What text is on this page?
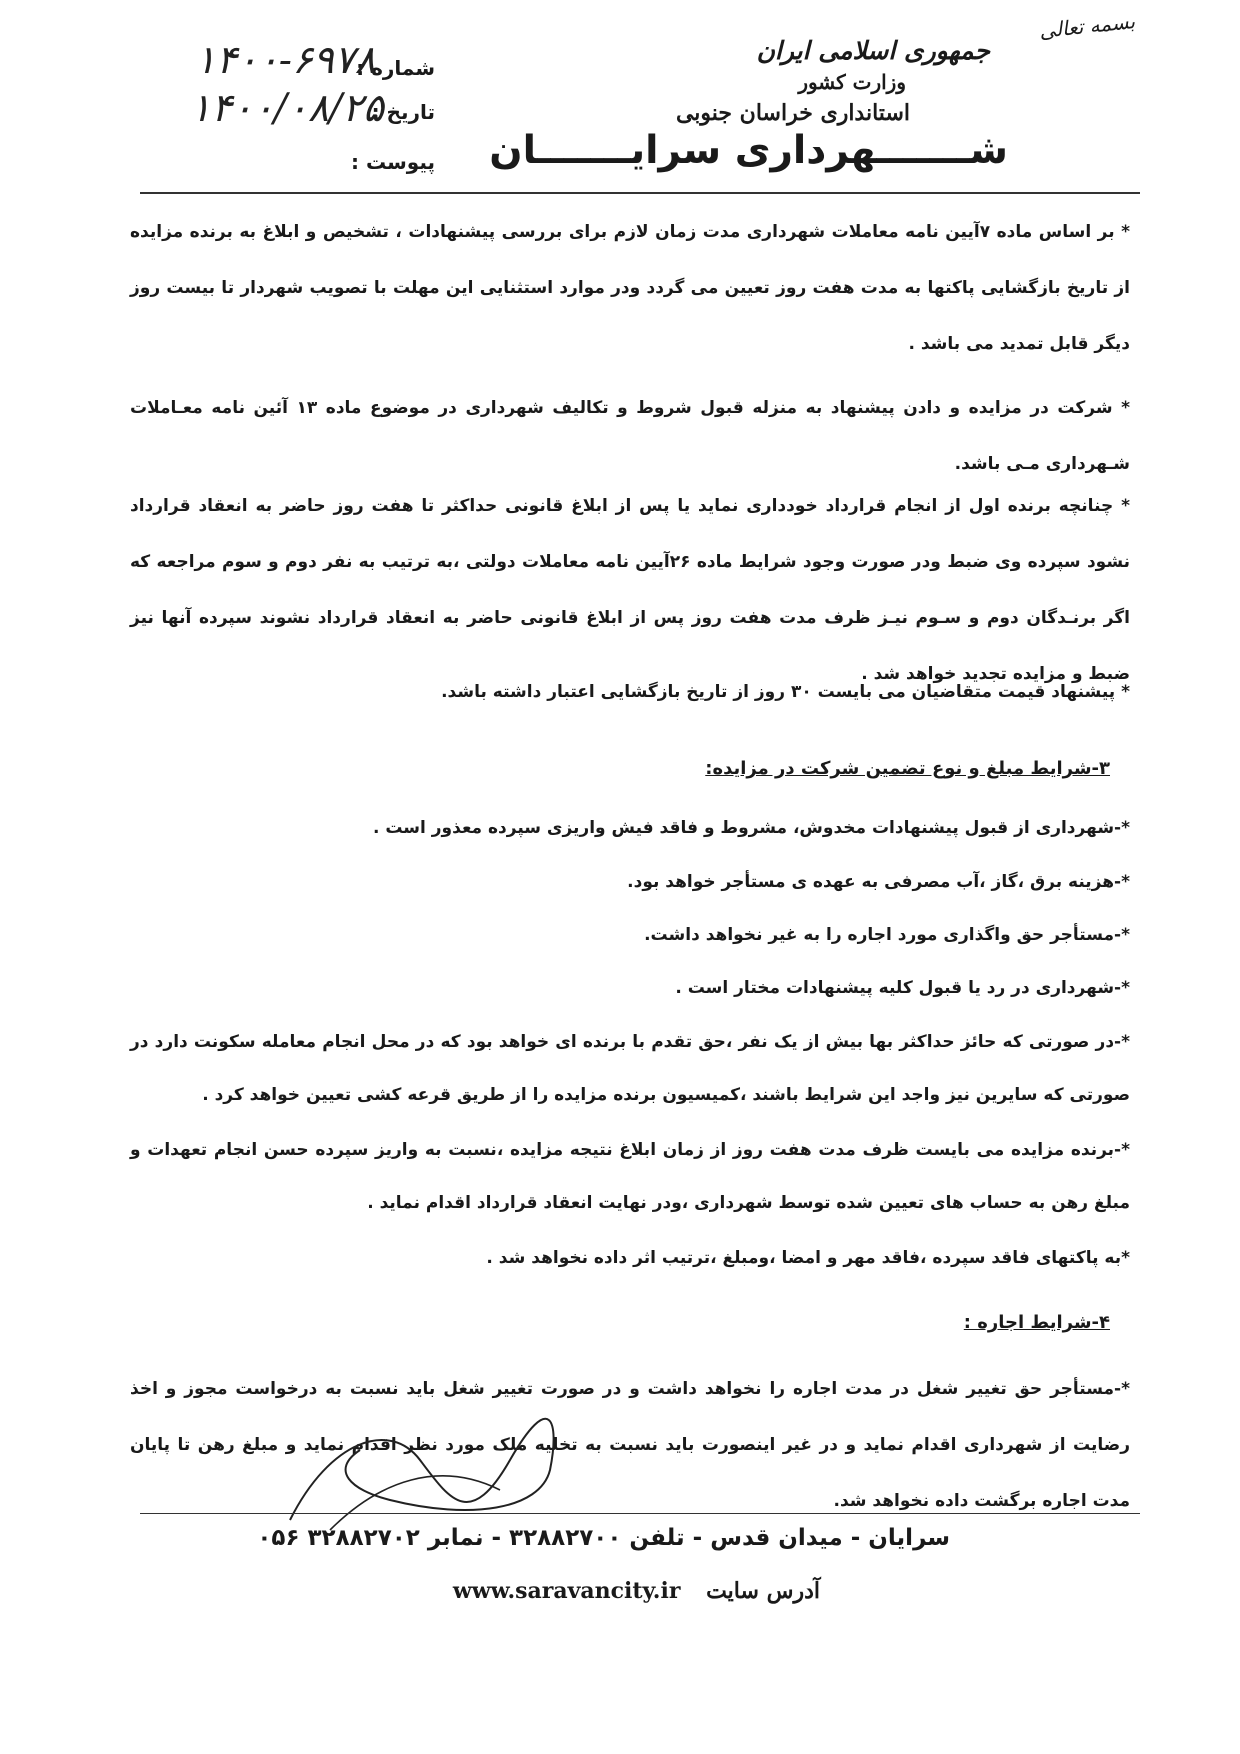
بسمه تعالی
جمهوری اسلامی ایران
وزارت کشور
استانداری خراسان جنوبی
شـــــــهرداری سرایـــــــان
شماره :
۱۴۰۰-۶۹۷۸
تاریخ :
۱۴۰۰/۰۸/۲۵
پیوست :
* بر اساس ماده ۷آیین نامه معاملات شهرداری مدت زمان لازم برای بررسی پیشنهادات ، تشخیص و ابلاغ به برنده مزایده از تاریخ بازگشایی پاکتها به مدت هفت روز تعیین می گردد ودر موارد استثنایی این مهلت با تصویب شهردار تا بیست روز دیگر قابل تمدید می باشد .
* شرکت در مزایده و دادن پیشنهاد به منزله قبول شروط و تکالیف شهرداری در موضوع ماده ۱۳ آئین نامه معـاملات شـهرداری مـی باشد.
* چنانچه برنده اول از انجام قرارداد خودداری نماید یا پس از ابلاغ قانونی حداکثر تا هفت روز حاضر به انعقاد قرارداد نشود سپرده وی ضبط ودر صورت وجود شرایط ماده ۲۶آیین نامه معاملات دولتی ،به ترتیب به نفر دوم و سوم مراجعه که اگر برنـدگان دوم و سـوم نیـز ظرف مدت هفت روز پس از ابلاغ قانونی حاضر به انعقاد قرارداد نشوند سپرده آنها نیز ضبط و مزایده تجدید خواهد شد .
* پیشنهاد قیمت متقاضیان می بایست ۳۰ روز از تاریخ بازگشایی اعتبار داشته باشد.
۳-شرایط مبلغ و نوع تضمین شرکت در مزایده:
*-شهرداری از قبول پیشنهادات مخدوش، مشروط و فاقد فیش واریزی سپرده معذور است .
*-هزینه برق ،گاز ،آب مصرفی به عهده ی مستأجر خواهد بود.
*-مستأجر حق واگذاری مورد اجاره را به غیر نخواهد داشت.
*-شهرداری در رد یا قبول کلیه پیشنهادات مختار است .
*-در صورتی که حائز حداکثر بها بیش از یک نفر ،حق تقدم با برنده ای خواهد بود که در محل انجام معامله سکونت دارد در صورتی که سایرین نیز واجد این شرایط باشند ،کمیسیون برنده مزایده را از طریق قرعه کشی تعیین خواهد کرد .
*-برنده مزایده می بایست ظرف مدت هفت روز از زمان ابلاغ نتیجه مزایده ،نسبت به واریز سپرده حسن انجام تعهدات و مبلغ رهن به حساب های تعیین شده توسط شهرداری ،ودر نهایت انعقاد قرارداد اقدام نماید .
*به پاکتهای فاقد سپرده ،فاقد مهر و امضا ،ومبلغ ،ترتیب اثر داده نخواهد شد .
۴-شرایط اجاره :
*-مستأجر حق تغییر شغل در مدت اجاره را نخواهد داشت و در صورت تغییر شغل باید نسبت به درخواست مجوز و اخذ رضایت از شهرداری اقدام نماید و در غیر اینصورت باید نسبت به تخلیه ملک مورد نظر اقدام نماید و مبلغ رهن تا پایان مدت اجاره برگشت داده نخواهد شد.
سرایان - میدان قدس - تلفن ۳۲۸۸۲۷۰۰ - نمابر ۳۲۸۸۲۷۰۲ ۰۵۶
www.saravancity.ir آدرس سایت
